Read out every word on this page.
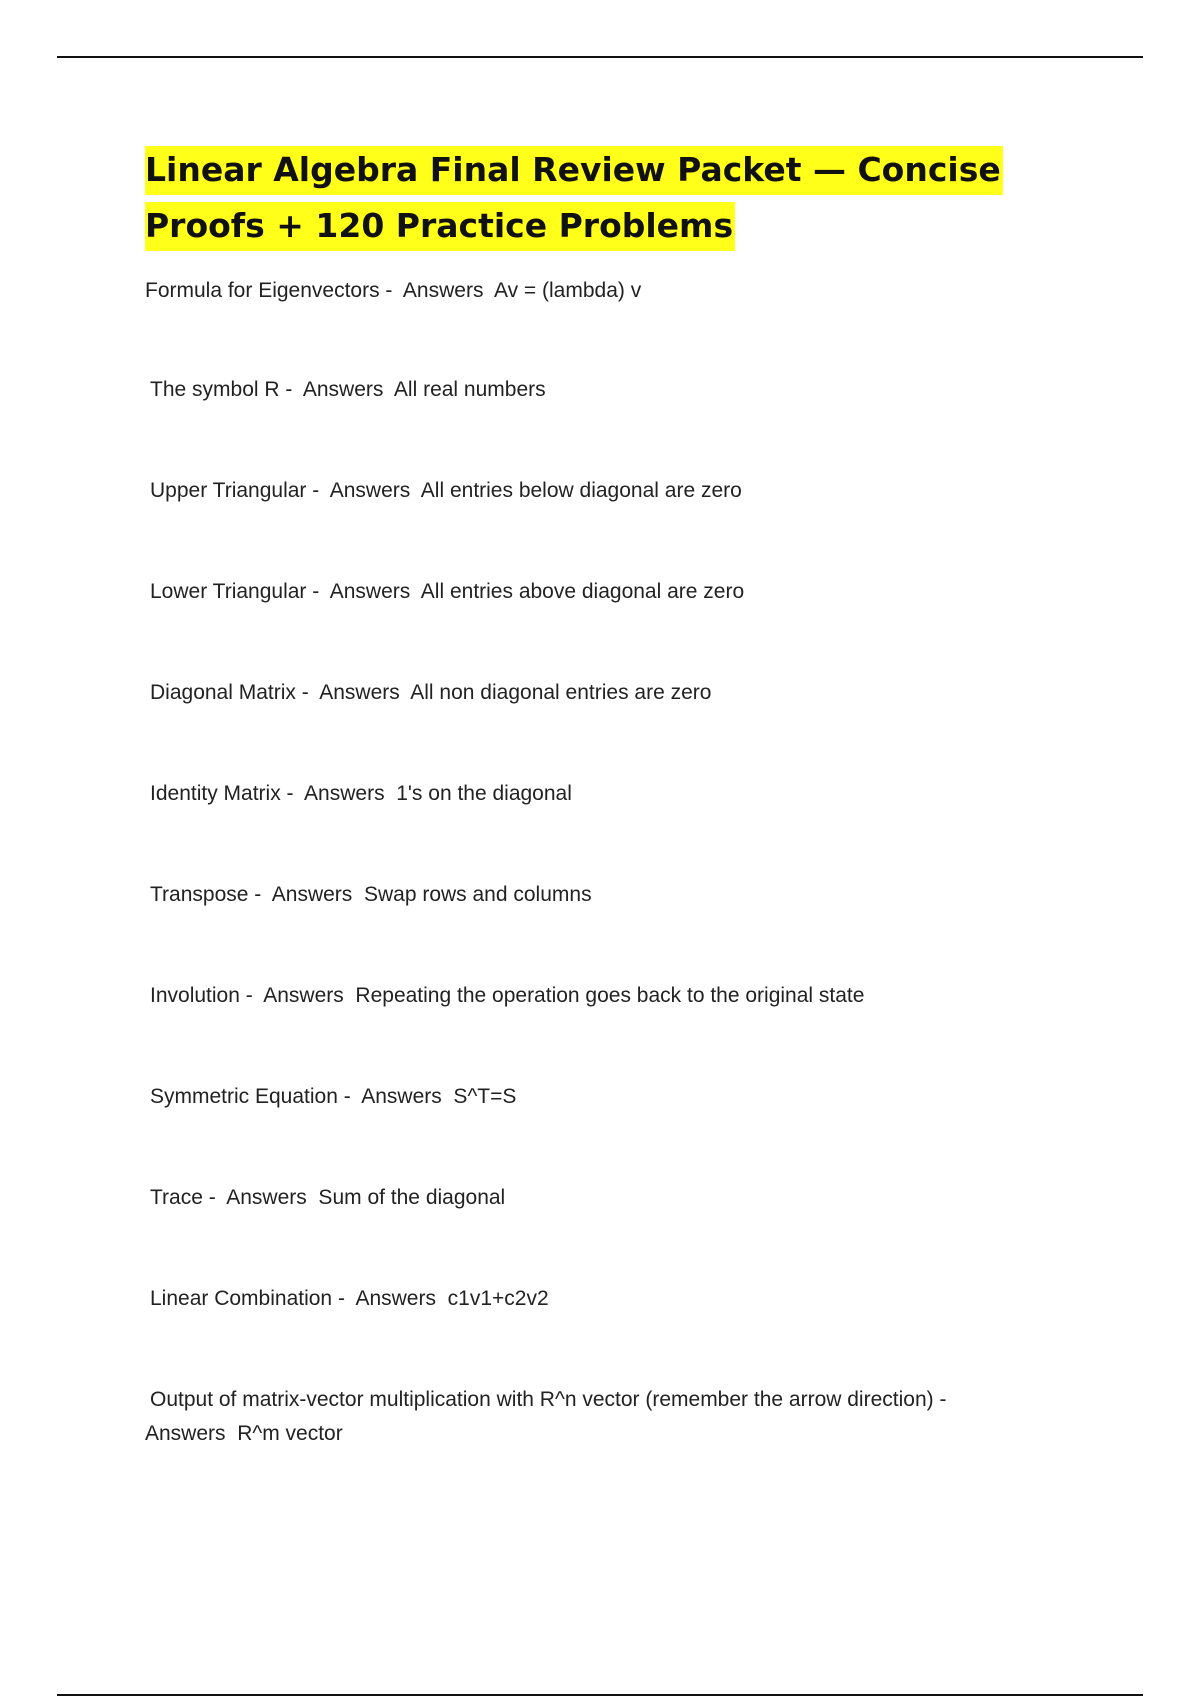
Linear Algebra Final Review Packet — Concise Proofs + 120 Practice Problems
Formula for Eigenvectors -  Answers  Av = (lambda) v
The symbol R -  Answers  All real numbers
Upper Triangular -  Answers  All entries below diagonal are zero
Lower Triangular -  Answers  All entries above diagonal are zero
Diagonal Matrix -  Answers  All non diagonal entries are zero
Identity Matrix -  Answers  1's on the diagonal
Transpose -  Answers  Swap rows and columns
Involution -  Answers  Repeating the operation goes back to the original state
Symmetric Equation -  Answers  S^T=S
Trace -  Answers  Sum of the diagonal
Linear Combination -  Answers  c1v1+c2v2
Output of matrix-vector multiplication with R^n vector (remember the arrow direction) - Answers  R^m vector
